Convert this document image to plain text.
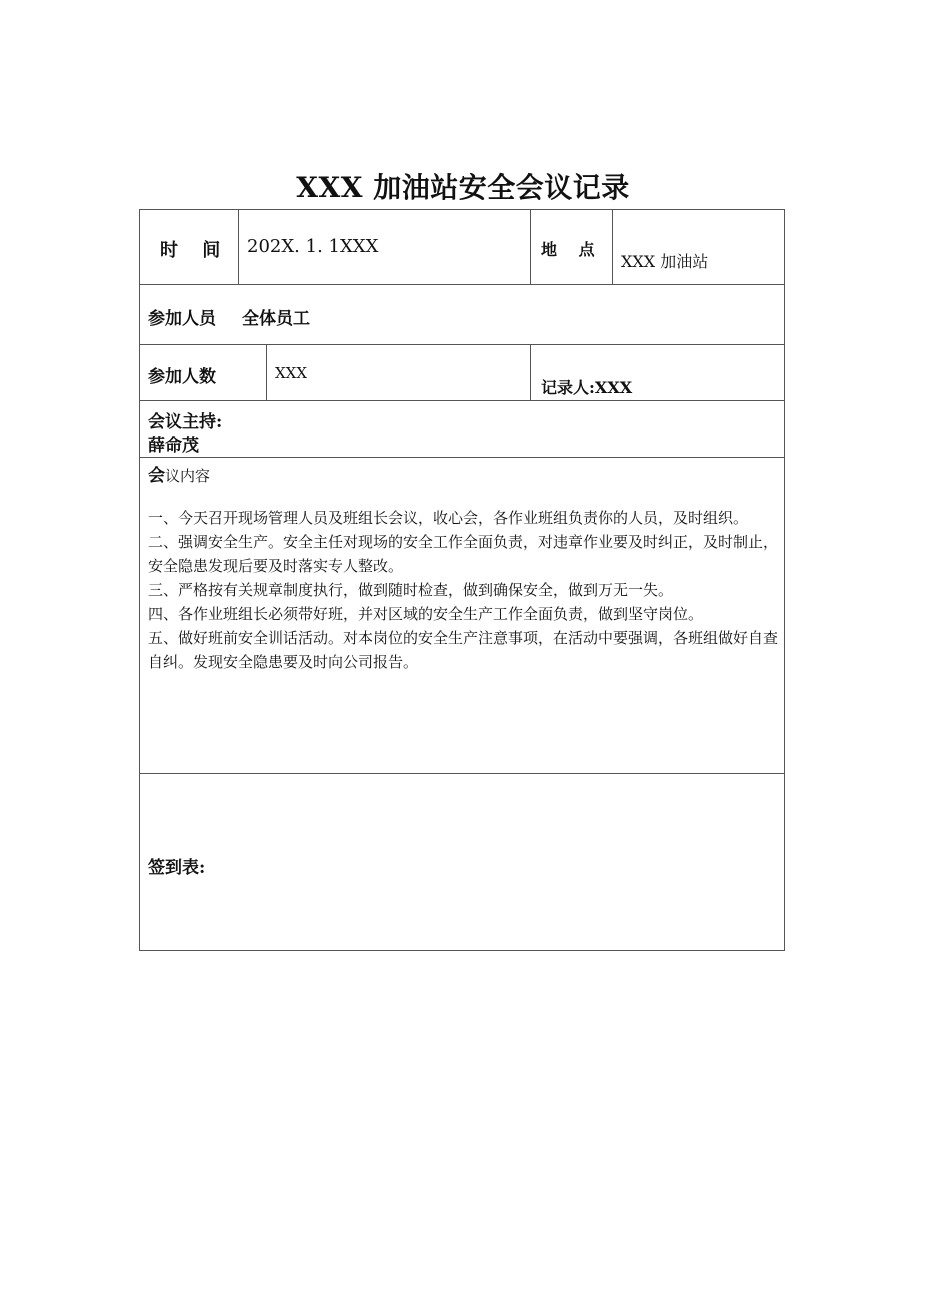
XXX 加油站安全会议记录
时　 间 202X. 1. 1XXX	地　 点
XXX 加油站
参加人员 全体员工
参加人数	XXX
记录人:XXX
会议主持:
薛命茂
会议内容

一、今天召开现场管理人员及班组长会议，收心会，各作业班组负责你的人员，及时组织。

二、强调安全生产。安全主任对现场的安全工作全面负责，对违章作业要及时纠正，及时制止，安全隐患发现后要及时落实专人整改。

三、严格按有关规章制度执行，做到随时检查，做到确保安全，做到万无一失。

四、各作业班组长必须带好班，并对区域的安全生产工作全面负责，做到坚守岗位。

五、做好班前安全训话活动。对本岗位的安全生产注意事项，在活动中要强调，各班组做好自查自纠。发现安全隐患要及时向公司报告。

签到表:
